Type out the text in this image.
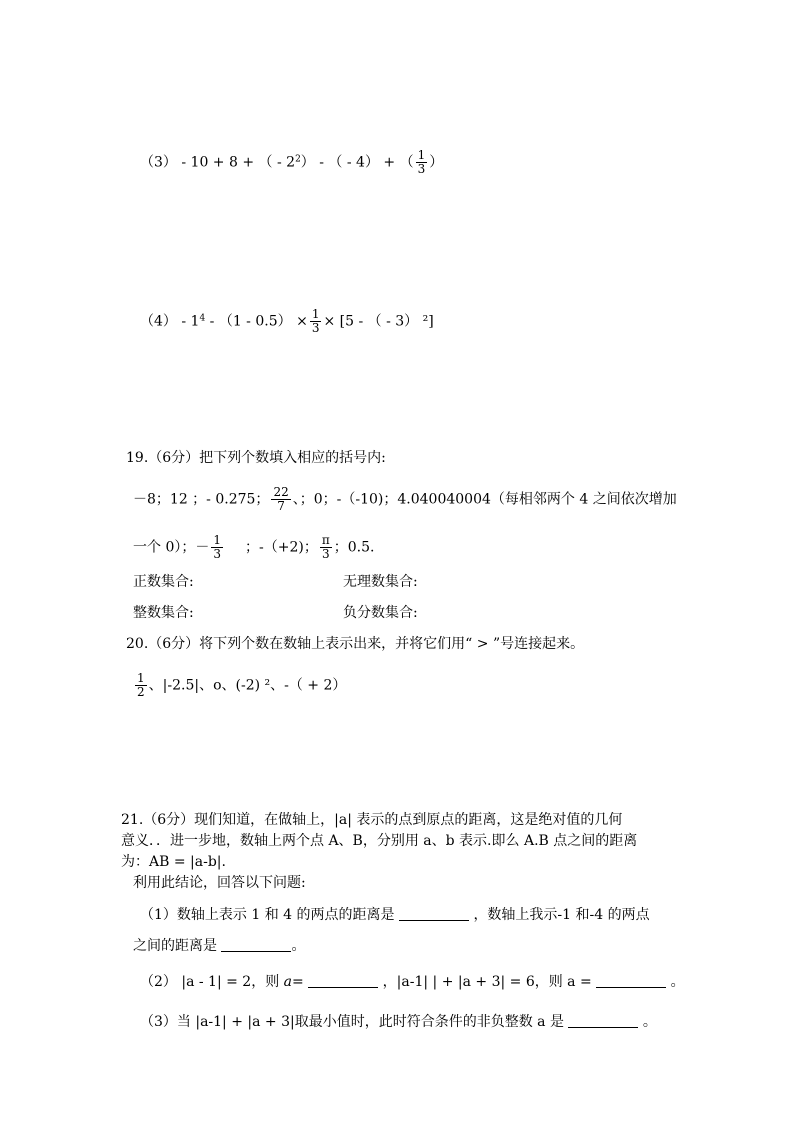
（3） - 10 + 8 + （ - $2^2$） - （ - 4） + （ $\frac{1}{3}$ ）
$(4) - 1^4 - (1 - 0.5) \times \frac{1}{3} \times [5$ - （ - 3） ²]
19.（6分）把下列个数填入相应的括号内:
－8；12 ；- 0.275； $\frac{22}{7}$ 、；0；-（-10)；4.040040004（每相邻两个 4 之间依次增加
一个 0）；－ $\frac{1}{3}$ ；-（+2)； $\frac{\pi}{3}$ ；0.5.
正数集合:	无理数集合:
整数集合:	负分数集合:
20.（6分）将下列个数在数轴上表示出来，并将它们用“ > ”号连接起来。
$\frac{1}{2}$ 、|-2.5|、o、(-2) ²、-（ + 2）
21.（6分）现们知道，在做轴上，|a| 表示的点到原点的距离，这是绝对值的几何
意义．．进一步地，数轴上两个点 A、B，分别用 a、b 表示.即么 A.B 点之间的距离
为：AB = |a-b|.
利用此结论，回答以下问题:
（1）数轴上表示 1 和 4 的两点的距离是	，数轴上我示-1 和-4 的两点
之间的距离是	。
（2） |a - 1| = 2，则 a=	，|a-1| | + |a + 3| = 6，则 a =	。
（3）当 |a-1| + |a + 3|取最小值时，此时符合条件的非负整数 a 是	。
